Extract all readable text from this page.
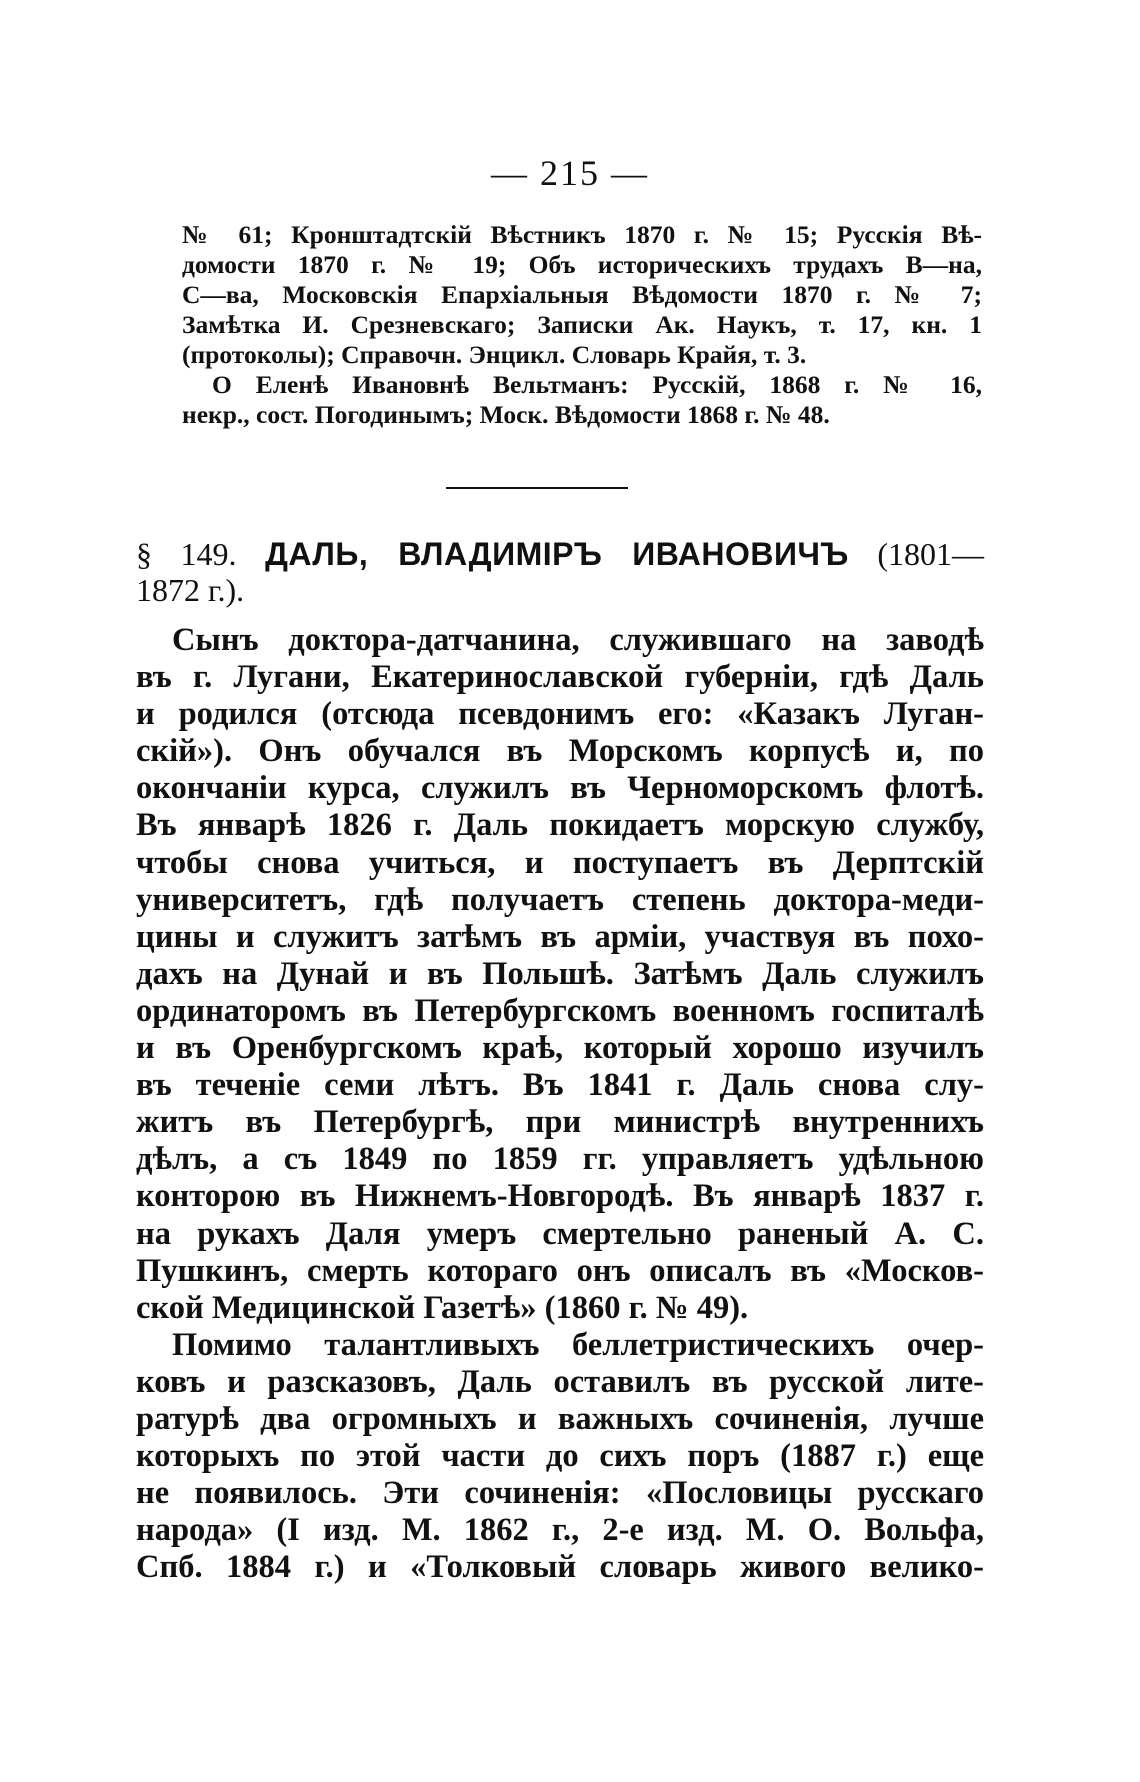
— 215 —
№ 61; Кронштадтскій Вѣстникъ 1870 г. № 15; Русскія Вѣ-
домости 1870 г. № 19; Объ историческихъ трудахъ В—на,
С—ва, Московскія Епархіальныя Вѣдомости 1870 г. № 7;
Замѣтка И. Срезневскаго; Записки Ак. Наукъ, т. 17, кн. 1
(протоколы); Справочн. Энцикл. Словарь Крайя, т. 3.
О Еленѣ Ивановнѣ Вельтманъ: Русскій, 1868 г. № 16,
некр., сост. Погодинымъ; Моск. Вѣдомости 1868 г. № 48.
§ 149. ДАЛЬ, ВЛАДИМІРЪ ИВАНОВИЧЪ (1801—
1872 г.).
Сынъ доктора-датчанина, служившаго на заводѣ
въ г. Лугани, Екатеринославской губерніи, гдѣ Даль
и родился (отсюда псевдонимъ его: «Казакъ Луган-
скій»). Онъ обучался въ Морскомъ корпусѣ и, по
окончаніи курса, служилъ въ Черноморскомъ флотѣ.
Въ январѣ 1826 г. Даль покидаетъ морскую службу,
чтобы снова учиться, и поступаетъ въ Дерптскій
университетъ, гдѣ получаетъ степень доктора-меди-
цины и служитъ затѣмъ въ арміи, участвуя въ похо-
дахъ на Дунай и въ Польшѣ. Затѣмъ Даль служилъ
ординаторомъ въ Петербургскомъ военномъ госпиталѣ
и въ Оренбургскомъ краѣ, который хорошо изучилъ
въ теченіе семи лѣтъ. Въ 1841 г. Даль снова слу-
житъ въ Петербургѣ, при министрѣ внутреннихъ
дѣлъ, а съ 1849 по 1859 гг. управляетъ удѣльною
конторою въ Нижнемъ-Новгородѣ. Въ январѣ 1837 г.
на рукахъ Даля умеръ смертельно раненый А. С.
Пушкинъ, смерть котораго онъ описалъ въ «Москов-
ской Медицинской Газетѣ» (1860 г. № 49).
Помимо талантливыхъ беллетристическихъ очер-
ковъ и разсказовъ, Даль оставилъ въ русской лите-
ратурѣ два огромныхъ и важныхъ сочиненія, лучше
которыхъ по этой части до сихъ поръ (1887 г.) еще
не появилось. Эти сочиненія: «Пословицы русскаго
народа» (I изд. М. 1862 г., 2-е изд. М. О. Вольфа,
Спб. 1884 г.) и «Толковый словарь живого велико-
